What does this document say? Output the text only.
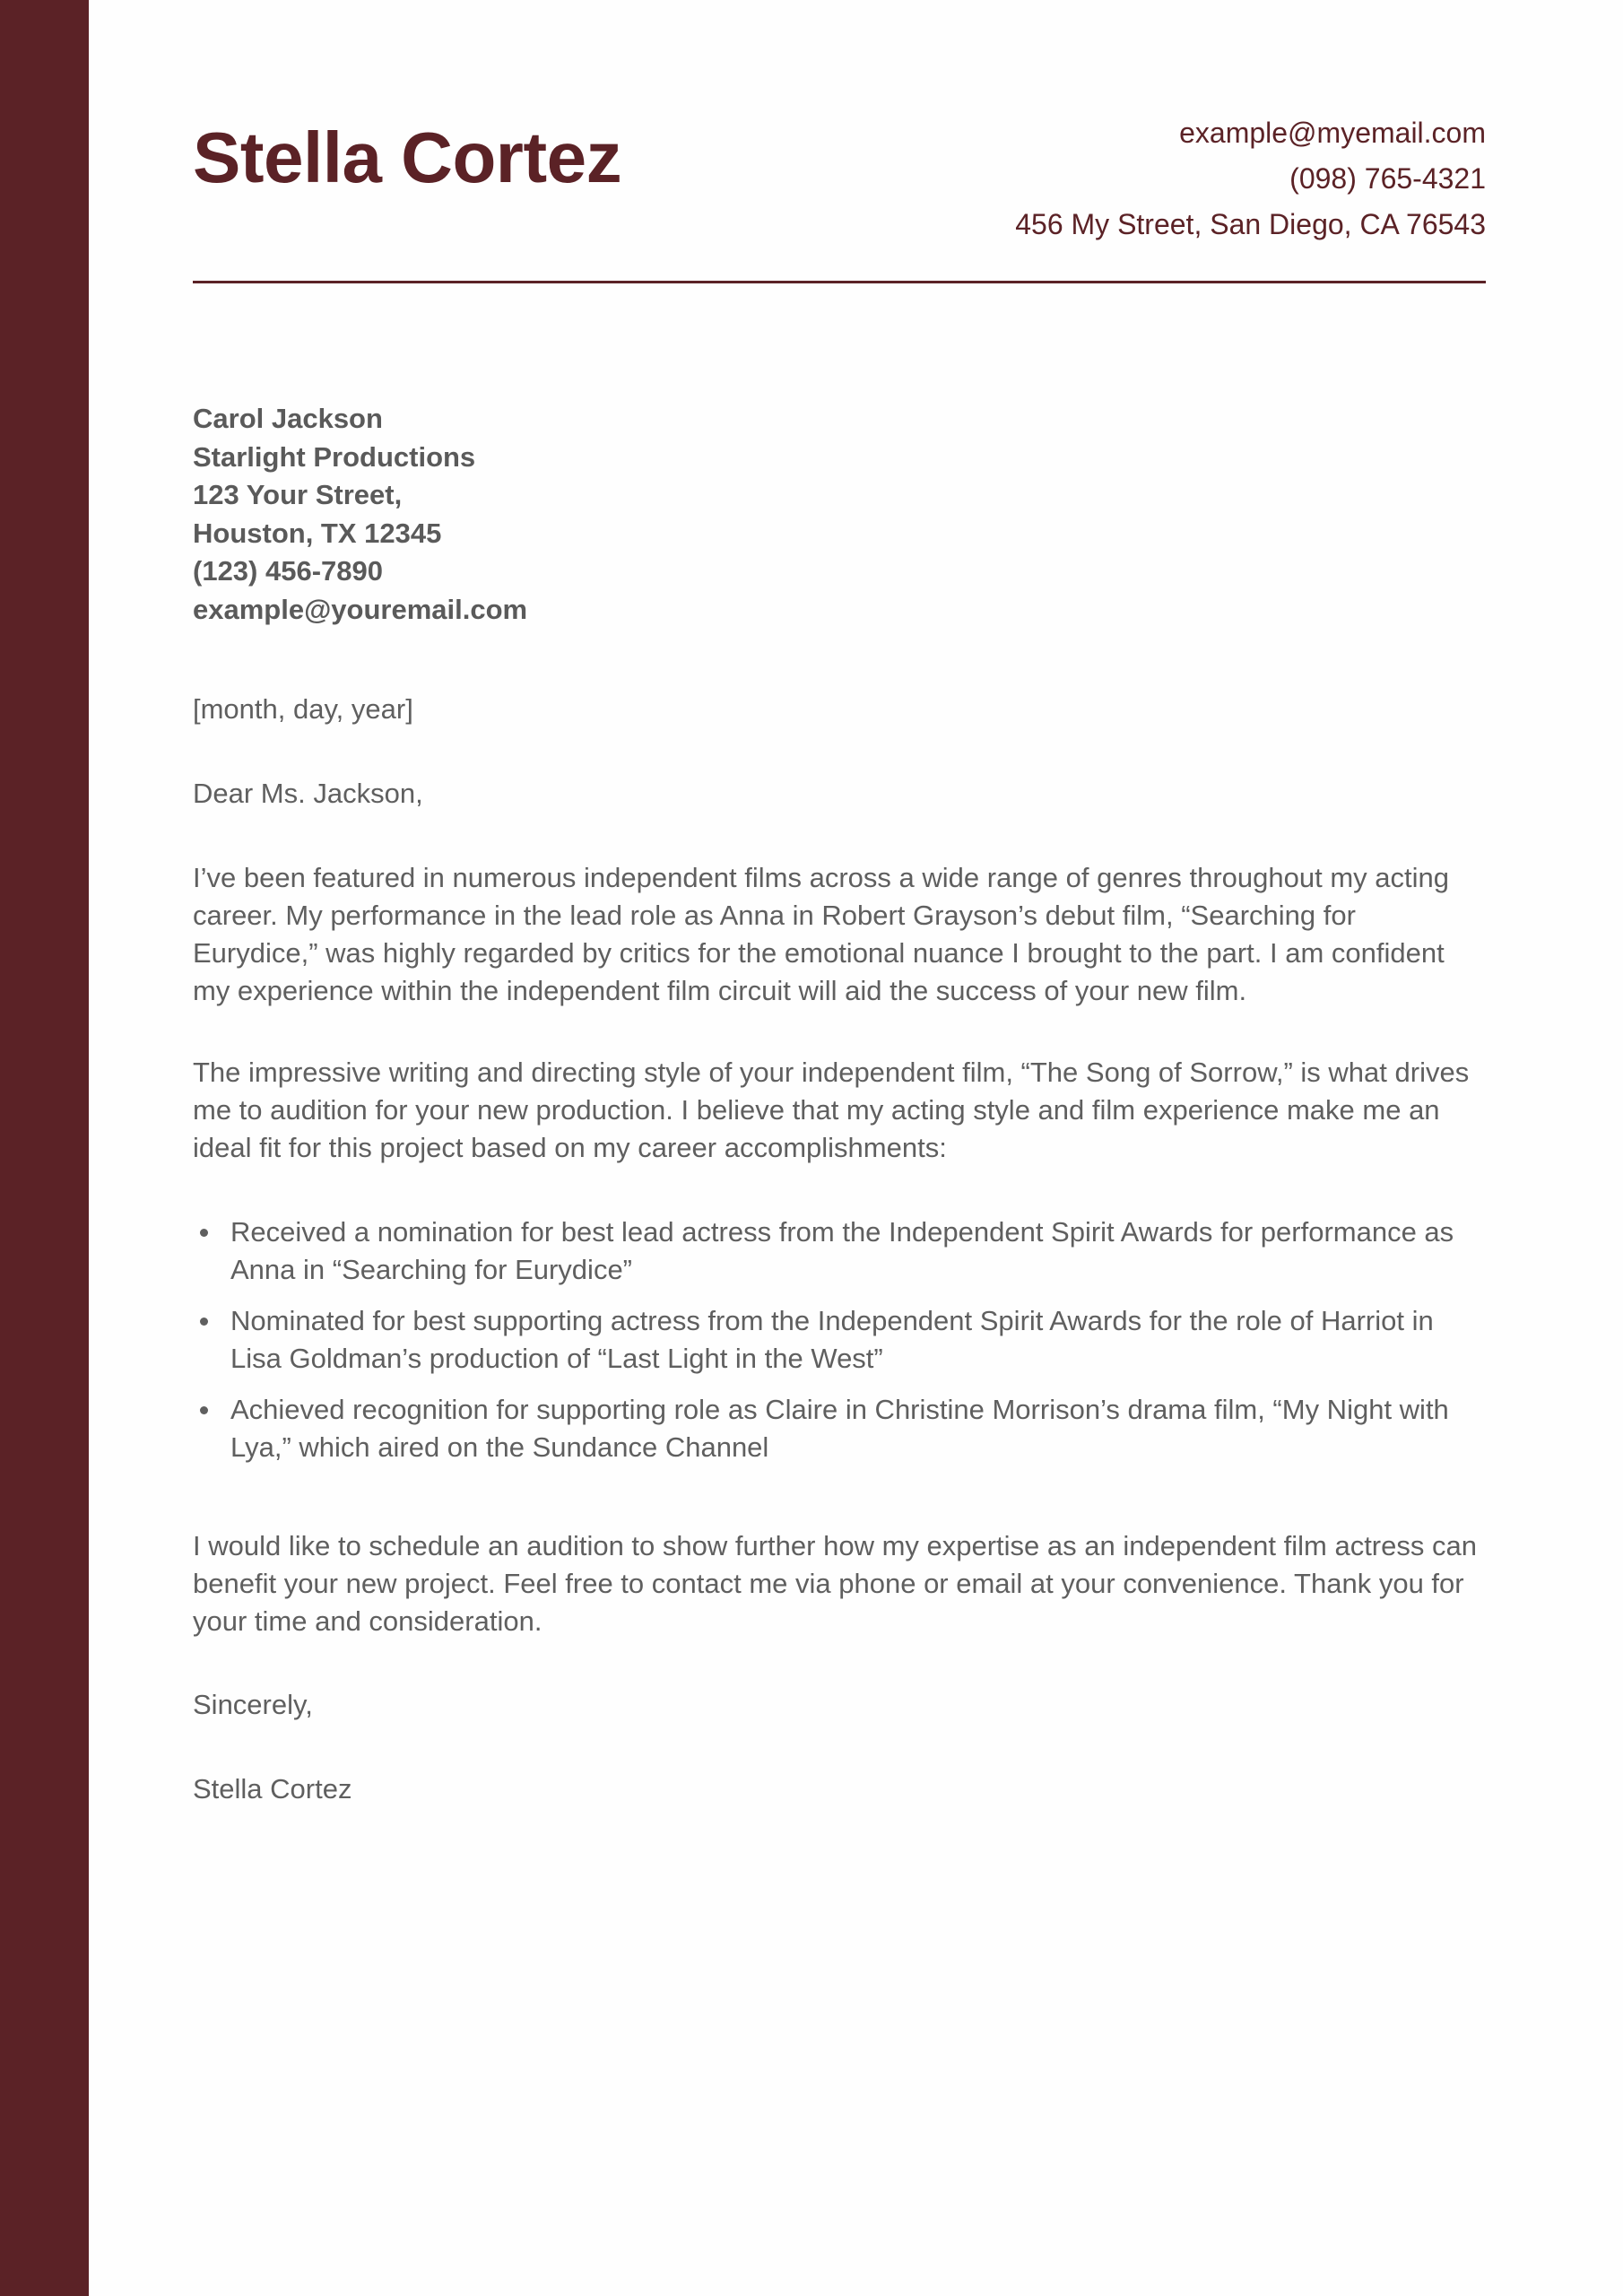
Stella Cortez	example@myemail.com
(098) 765-4321
456 My Street, San Diego, CA 76543
Carol Jackson
Starlight Productions
123 Your Street,
Houston, TX 12345
(123) 456-7890
example@youremail.com

[month, day, year]

Dear Ms. Jackson,

I’ve been featured in numerous independent films across a wide range of genres throughout my acting career. My performance in the lead role as Anna in Robert Grayson’s debut film, “Searching for Eurydice,” was highly regarded by critics for the emotional nuance I brought to the part. I am confident my experience within the independent film circuit will aid the success of your new film.

The impressive writing and directing style of your independent film, “The Song of Sorrow,” is what drives me to audition for your new production. I believe that my acting style and film experience make me an ideal fit for this project based on my career accomplishments:

Received a nomination for best lead actress from the Independent Spirit Awards for performance as Anna in “Searching for Eurydice”
Nominated for best supporting actress from the Independent Spirit Awards for the role of Harriot in Lisa Goldman’s production of “Last Light in the West”
Achieved recognition for supporting role as Claire in Christine Morrison’s drama film, “My Night with Lya,” which aired on the Sundance Channel

I would like to schedule an audition to show further how my expertise as an independent film actress can benefit your new project. Feel free to contact me via phone or email at your convenience. Thank you for your time and consideration.

Sincerely,

Stella Cortez
